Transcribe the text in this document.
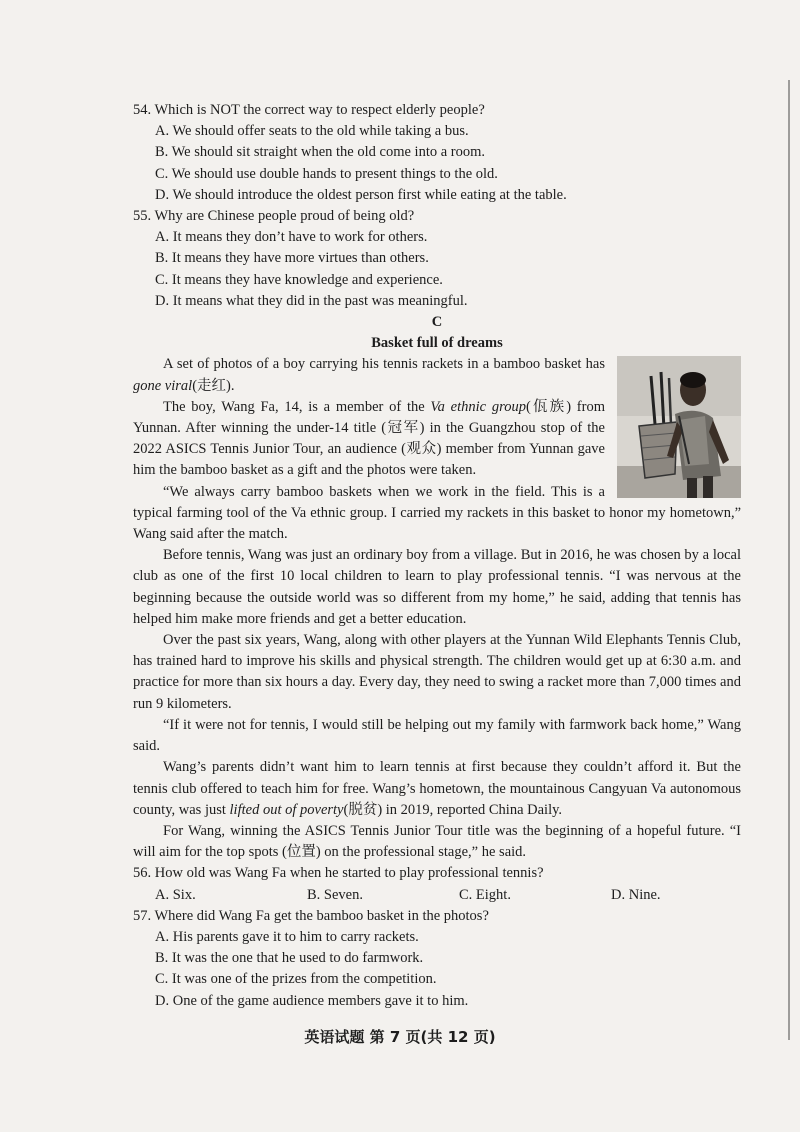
54. Which is NOT the correct way to respect elderly people?
A. We should offer seats to the old while taking a bus.
B. We should sit straight when the old come into a room.
C. We should use double hands to present things to the old.
D. We should introduce the oldest person first while eating at the table.
55. Why are Chinese people proud of being old?
A. It means they don’t have to work for others.
B. It means they have more virtues than others.
C. It means they have knowledge and experience.
D. It means what they did in the past was meaningful.

C

Basket full of dreams

A set of photos of a boy carrying his tennis rackets in a bamboo basket has gone viral(走红).

The boy, Wang Fa, 14, is a member of the Va ethnic group(佤族) from Yunnan. After winning the under-14 title (冠军) in the Guangzhou stop of the 2022 ASICS Tennis Junior Tour, an audience (观众) member from Yunnan gave him the bamboo basket as a gift and the photos were taken.

“We always carry bamboo baskets when we work in the field. This is a typical farming tool of the Va ethnic group. I carried my rackets in this basket to honor my hometown,” Wang said after the match.

Before tennis, Wang was just an ordinary boy from a village. But in 2016, he was chosen by a local club as one of the first 10 local children to learn to play professional tennis. “I was nervous at the beginning because the outside world was so different from my home,” he said, adding that tennis has helped him make more friends and get a better education.

Over the past six years, Wang, along with other players at the Yunnan Wild Elephants Tennis Club, has trained hard to improve his skills and physical strength. The children would get up at 6:30 a.m. and practice for more than six hours a day. Every day, they need to swing a racket more than 7,000 times and run 9 kilometers.

“If it were not for tennis, I would still be helping out my family with farmwork back home,” Wang said.

Wang’s parents didn’t want him to learn tennis at first because they couldn’t afford it. But the tennis club offered to teach him for free. Wang’s hometown, the mountainous Cangyuan Va autonomous county, was just lifted out of poverty(脱贫) in 2019, reported China Daily.

For Wang, winning the ASICS Tennis Junior Tour title was the beginning of a hopeful future. “I will aim for the top spots (位置) on the professional stage,” he said.

56. How old was Wang Fa when he started to play professional tennis?
A. Six.	B. Seven.	C. Eight.	D. Nine.
57. Where did Wang Fa get the bamboo basket in the photos?
A. His parents gave it to him to carry rackets.
B. It was the one that he used to do farmwork.
C. It was one of the prizes from the competition.
D. One of the game audience members gave it to him.
英语试题 第 7 页(共 12 页)
